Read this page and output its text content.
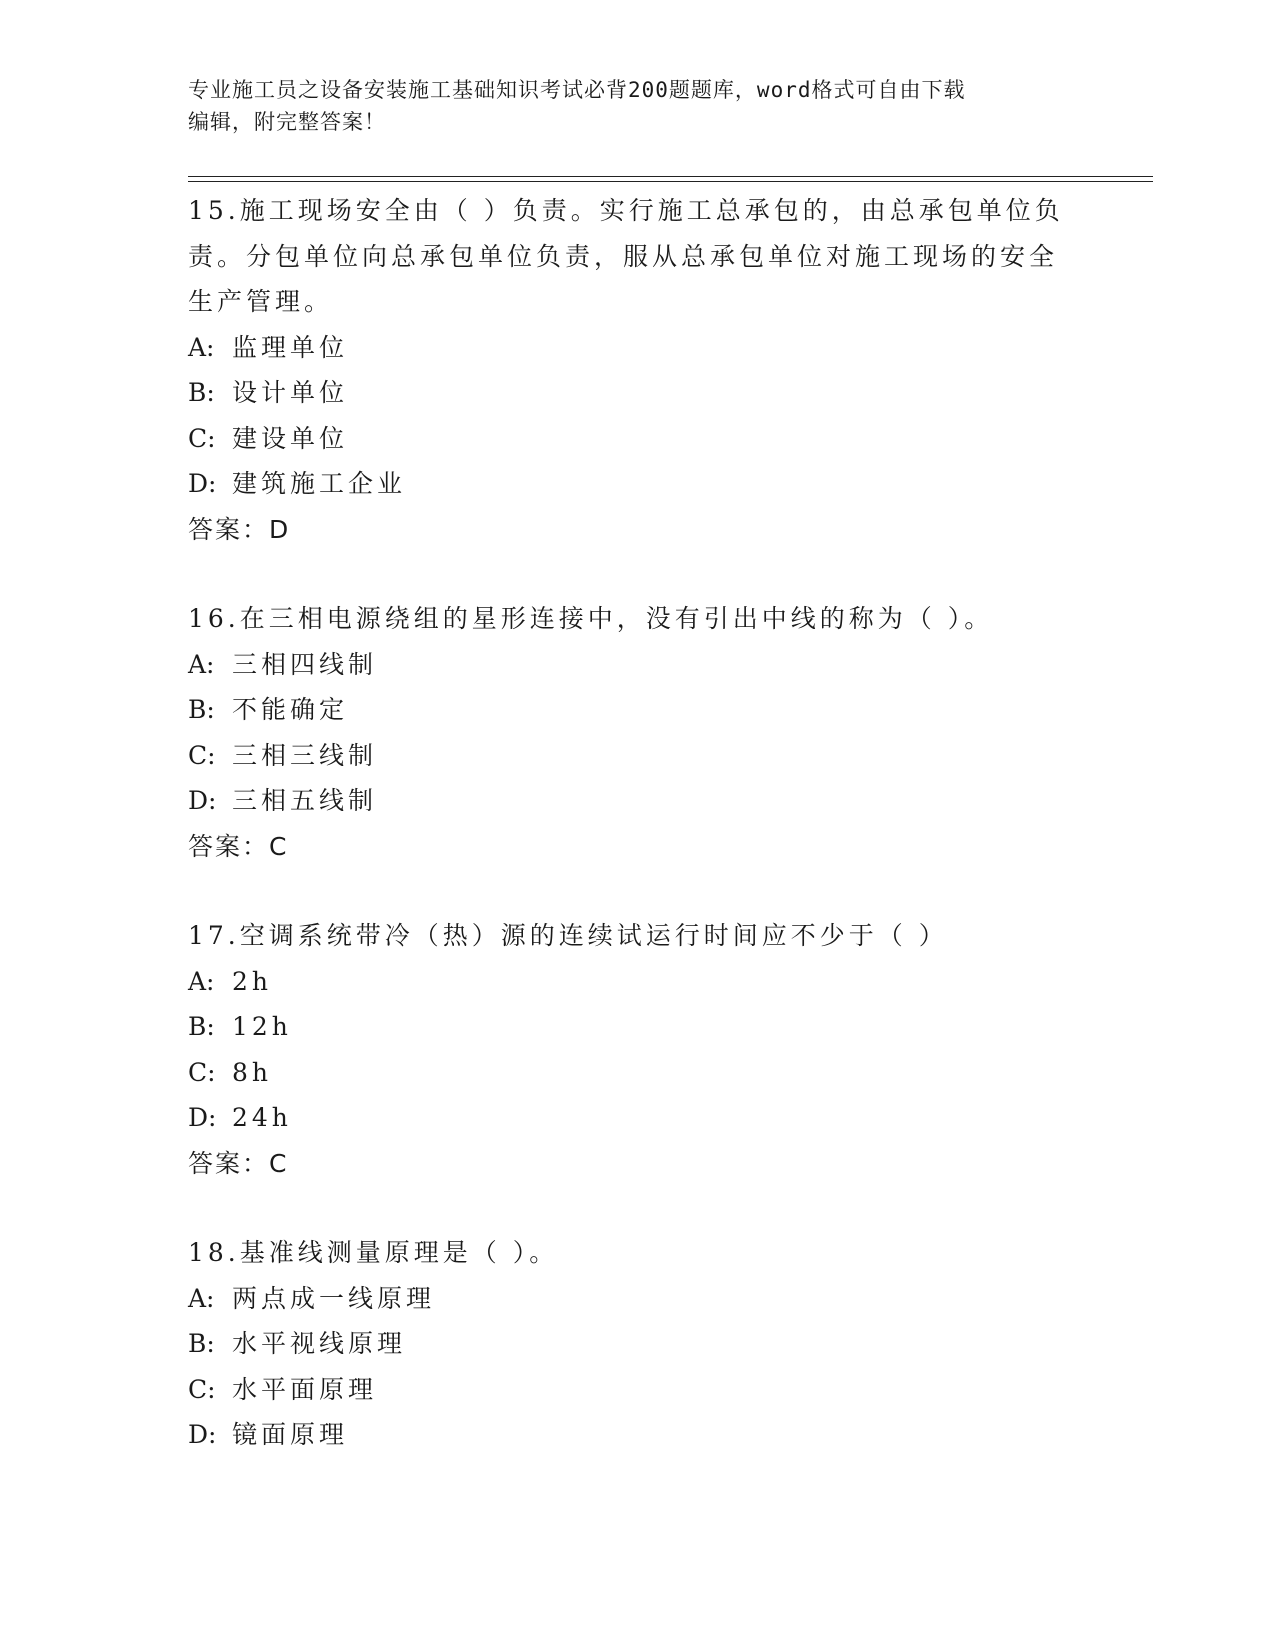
专业施工员之设备安装施工基础知识考试必背200题题库，word格式可自由下载
编辑，附完整答案！

15.施工现场安全由（ ）负责。实行施工总承包的，由总承包单位负

责。分包单位向总承包单位负责，服从总承包单位对施工现场的安全

生产管理。

A: 监理单位

B: 设计单位

C: 建设单位

D: 建筑施工企业

答案：D

16.在三相电源绕组的星形连接中，没有引出中线的称为（ ）。

A: 三相四线制

B: 不能确定

C: 三相三线制

D: 三相五线制

答案：C

17.空调系统带冷（热）源的连续试运行时间应不少于（ ）

A: 2h

B: 12h

C: 8h

D: 24h

答案：C

18.基准线测量原理是（ ）。

A: 两点成一线原理

B: 水平视线原理

C: 水平面原理

D: 镜面原理
